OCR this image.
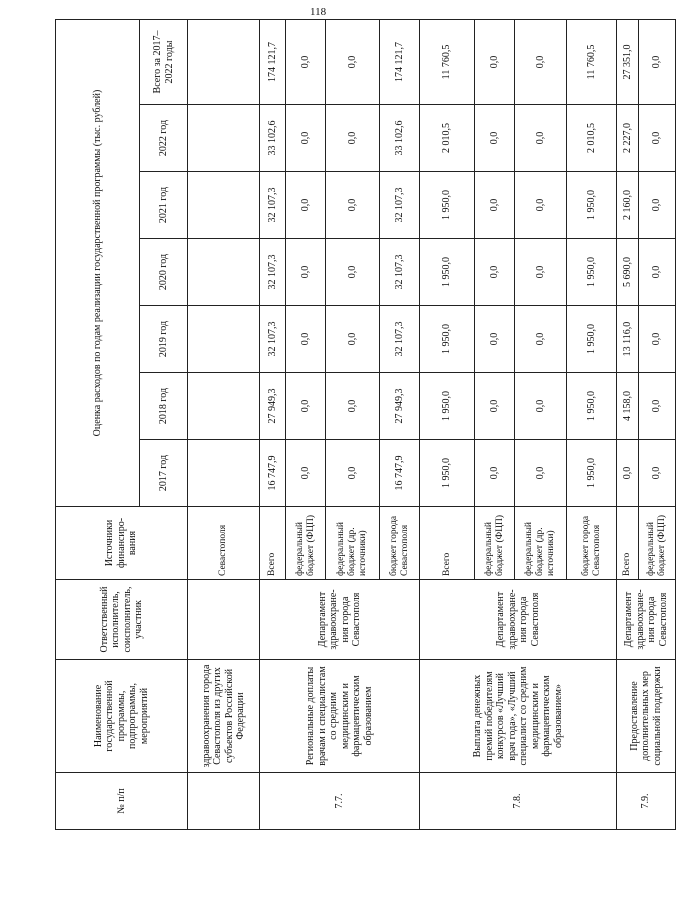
118
№ п/п	Наименование государственной программы, подпрограммы, мероприятий	Ответственный исполнитель, соисполнитель, участник	Источники финансиро-вания	Оценка расходов по годам реализации государственной программы (тыс. рублей)						
				2017 год	2018 год	2019 год	2020 год	2021 год	2022 год	Всего за 2017–2022 годы
	здравоохранения города Севастополя из других субъектов Российской Федерации		Севастополя							
7.7.	Региональные доплаты врачам и специалистам со средним медицинским и фармацевтическим образованием	Департамент здравоохране-ния города Севастополя	Всего	16 747,9	27 949,3	32 107,3	32 107,3	32 107,3	33 102,6	174 121,7
			федеральный бюджет (ФЦП)	0,0	0,0	0,0	0,0	0,0	0,0	0,0
			федеральный бюджет (др. источники)	0,0	0,0	0,0	0,0	0,0	0,0	0,0
			бюджет города Севастополя	16 747,9	27 949,3	32 107,3	32 107,3	32 107,3	33 102,6	174 121,7
7.8.	Выплата денежных премий победителям конкурсов «Лучший врач года», «Лучший специалист со средним медицинским и фармацевтическим образованием»	Департамент здравоохране-ния города Севастополя	Всего	1 950,0	1 950,0	1 950,0	1 950,0	1 950,0	2 010,5	11 760,5
			федеральный бюджет (ФЦП)	0,0	0,0	0,0	0,0	0,0	0,0	0,0
			федеральный бюджет (др. источники)	0,0	0,0	0,0	0,0	0,0	0,0	0,0
			бюджет города Севастополя	1 950,0	1 950,0	1 950,0	1 950,0	1 950,0	2 010,5	11 760,5
7.9.	Предоставление дополнительных мер социальной поддержки	Департамент здравоохране-ния города Севастополя	Всего	0,0	4 158,0	13 116,0	5 690,0	2 160,0	2 227,0	27 351,0
			федеральный бюджет (ФЦП)	0,0	0,0	0,0	0,0	0,0	0,0	0,0
